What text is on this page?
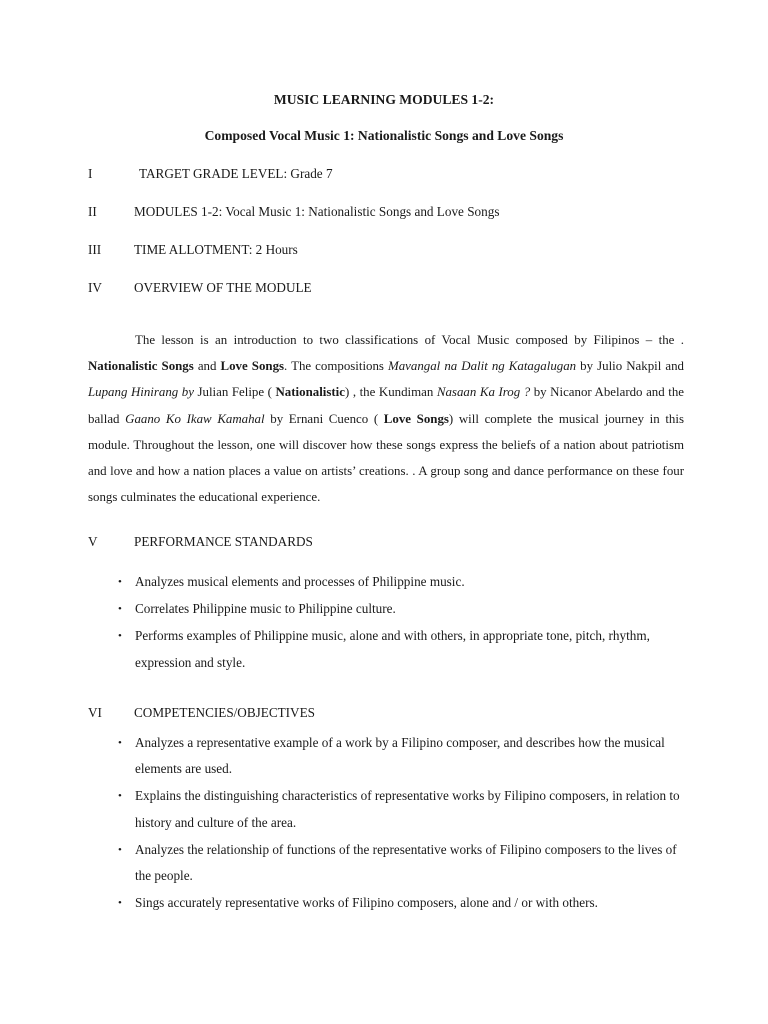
MUSIC LEARNING MODULES 1-2:
Composed Vocal Music 1: Nationalistic Songs and Love Songs
I	TARGET GRADE LEVEL: Grade 7
II	MODULES 1-2: Vocal Music 1: Nationalistic Songs and Love Songs
III TIME ALLOTMENT: 2 Hours
IV OVERVIEW OF THE MODULE

The lesson is an introduction to two classifications of Vocal Music composed by Filipinos – the . Nationalistic Songs and Love Songs. The compositions Mavangal na Dalit ng Katagalugan by Julio Nakpil and Lupang Hinirang by Julian Felipe ( Nationalistic) , the Kundiman Nasaan Ka Irog ? by Nicanor Abelardo and the ballad Gaano Ko Ikaw Kamahal by Ernani Cuenco ( Love Songs) will complete the musical journey in this module. Throughout the lesson, one will discover how these songs express the beliefs of a nation about patriotism and love and how a nation places a value on artists’ creations. . A group song and dance performance on these four songs culminates the educational experience.

V	PERFORMANCE STANDARDS
• Analyzes musical elements and processes of Philippine music.
• Correlates Philippine music to Philippine culture.
• Performs examples of Philippine music, alone and with others, in appropriate tone, pitch, rhythm, expression and style.
VI COMPETENCIES/OBJECTIVES
• Analyzes a representative example of a work by a Filipino composer, and describes how the musical elements are used.
• Explains the distinguishing characteristics of representative works by Filipino composers, in relation to history and culture of the area.
• Analyzes the relationship of functions of the representative works of Filipino composers to the lives of the people.
• Sings accurately representative works of Filipino composers, alone and / or with others.
